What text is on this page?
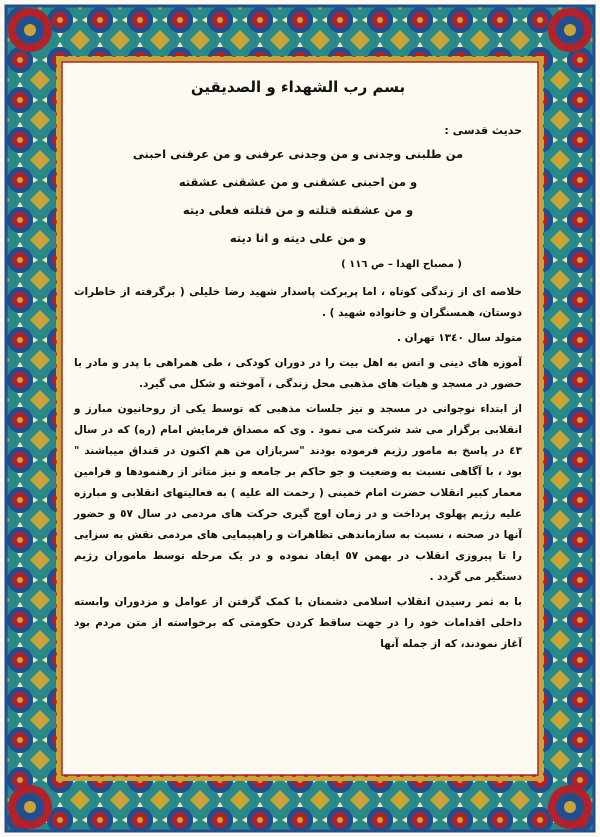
بسم رب الشهداء و الصدیقین
حدیث قدسی :
من طلبنی وجدنی و من وجدنی عرفنی و من عرفنی احبنی
و من احبنی عشقنی و من عشقنی عشقته
و من عشقته قتلته و من قتلته فعلی دیته
و من علی دیته و انا دیته
( مصباح الهدا – ص ١١٦ )

خلاصه ای از زندگی کوتاه ، اما پربرکت پاسدار شهید رضا خلیلی ( برگرفته از خاطرات دوستان، همسنگران و خانواده شهید ) .

متولد سال ١٣٤٠ تهران .

آموزه های دینی و انس به اهل بیت را در دوران کودکی ، طی همراهی با پدر و مادر با حضور در مسجد و هیات های مذهبی محل زندگی ، آموخته و شکل می گیرد.

از ابتداء نوجوانی در مسجد و نیز جلسات مذهبی که توسط یکی از روحانیون مبارز و انقلابی برگزار می شد شرکت می نمود . وی که مصداق فرمایش امام (ره) که در سال ٤٣ در پاسخ به مامور رژیم فرموده بودند "سربازان من هم اکنون در قنداق میباشند " بود ، با آگاهی نسبت به وضعیت و جو حاکم بر جامعه و نیز متاثر از رهنمودها و فرامین معمار کبیر انقلاب حضرت امام خمینی ( رحمت اله علیه ) به فعالیتهای انقلابی و مبارزه علیه رژیم پهلوی پرداخت و در زمان اوج گیری حرکت های مردمی در سال ٥٧ و حضور آنها در صحنه ، نسبت به سازماندهی تظاهرات و راهپیمایی های مردمی نقش به سزایی را تا پیروزی انقلاب در بهمن ٥٧ ایفاد نموده و در یک مرحله توسط ماموران رژیم دستگیر می گردد .

با به ثمر رسیدن انقلاب اسلامی دشمنان با کمک گرفتن از عوامل و مزدوران وابسته داخلی اقدامات خود را در جهت ساقط کردن حکومتی که برخواسته از متن مردم بود آغاز نمودند، که از جمله آنها
